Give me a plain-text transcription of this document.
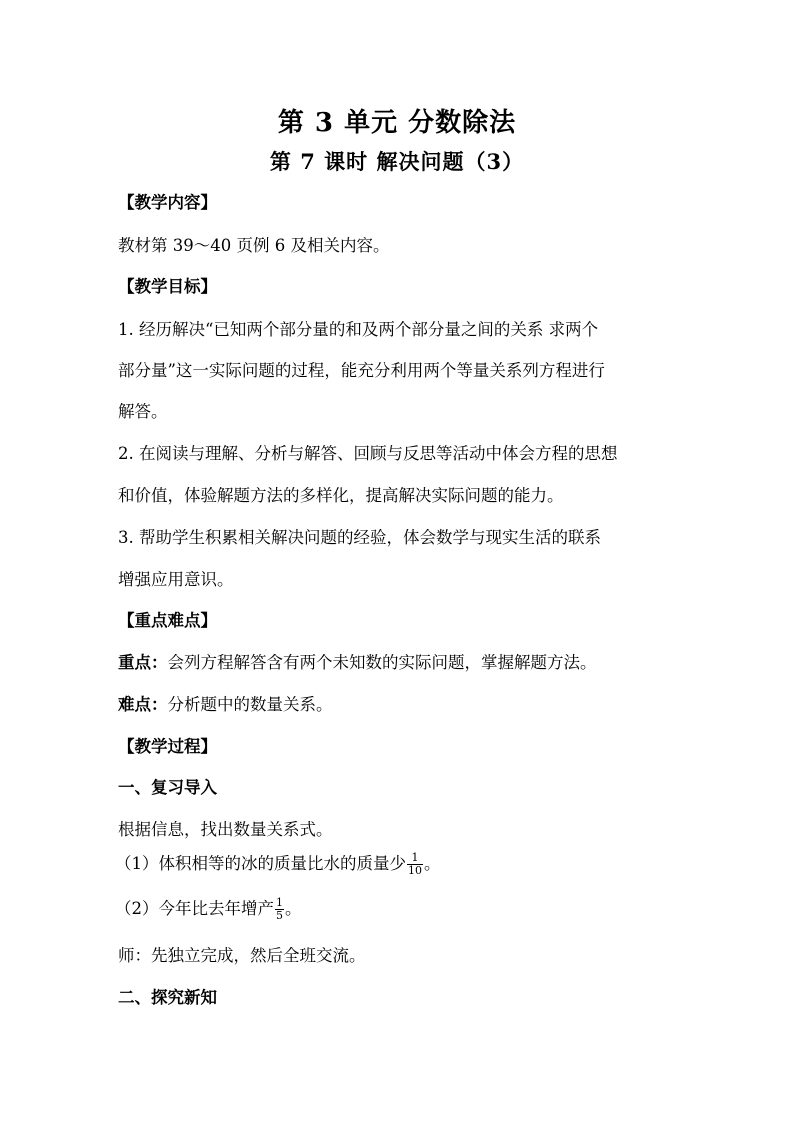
第 3 单元 分数除法
第 7 课时 解决问题（3）
【教学内容】
教材第 39～40 页例 6 及相关内容。
【教学目标】
1. 经历解决“已知两个部分量的和及两个部分量之间的关系 求两个
部分量”这一实际问题的过程，能充分利用两个等量关系列方程进行
解答。
2. 在阅读与理解、分析与解答、回顾与反思等活动中体会方程的思想
和价值，体验解题方法的多样化，提高解决实际问题的能力。
3. 帮助学生积累相关解决问题的经验，体会数学与现实生活的联系
增强应用意识。
【重点难点】
重点：会列方程解答含有两个未知数的实际问题，掌握解题方法。
难点：分析题中的数量关系。
【教学过程】
一、复习导入
根据信息，找出数量关系式。
（1）体积相等的冰的质量比水的质量少 $\frac{1}{10}$ 。
（2）今年比去年增产 $\frac{1}{5}$ 。
师：先独立完成，然后全班交流。
二、探究新知
